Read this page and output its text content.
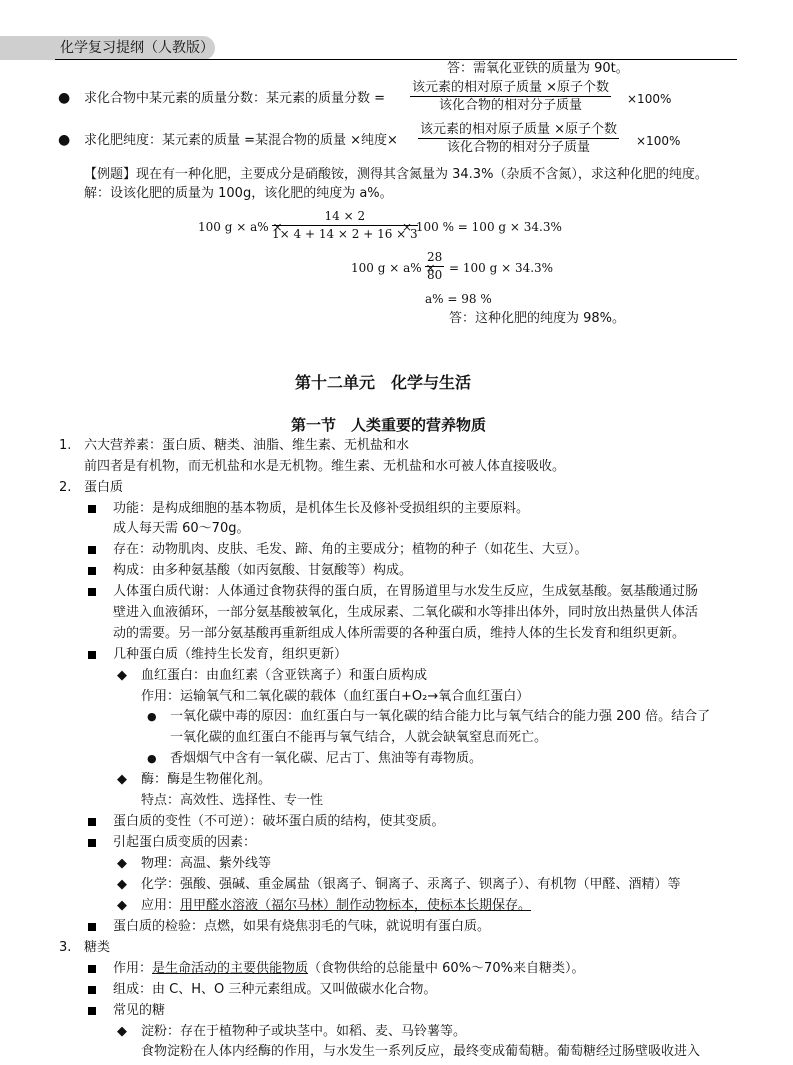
化学复习提纲（人教版）
答：需氧化亚铁的质量为 90t。
● 求化合物中某元素的质量分数：某元素的质量分数 =
该元素的相对原子质量 ×原子个数
该化合物的相对分子质量	×100%
● 求化肥纯度：某元素的质量 =某混合物的质量 ×纯度×
该元素的相对原子质量 ×原子个数
该化合物的相对分子质量	×100%
【例题】现在有一种化肥，主要成分是硝酸铵，测得其含氮量为 34.3%（杂质不含氮），求这种化肥的纯度。
解：设该化肥的质量为 100g，该化肥的纯度为 a%。
100 g × a% ×
$\frac{14 \times 2}{1\times 4 + 14 \times 2 + 16 \times 3}$
× 100 % = 100 g × 34.3%
100 g × a% ×
$\frac{28}{80} = 100$ g × 34.3%
a% = 98 %
答：这种化肥的纯度为 98%。
第十二单元　化学与生活
第一节　人类重要的营养物质
1. 六大营养素：蛋白质、糖类、油脂、维生素、无机盐和水
前四者是有机物，而无机盐和水是无机物。维生素、无机盐和水可被人体直接吸收。
2. 蛋白质
功能：是构成细胞的基本物质，是机体生长及修补受损组织的主要原料。
成人每天需 60～70g。
存在：动物肌肉、皮肤、毛发、蹄、角的主要成分；植物的种子（如花生、大豆）。
构成：由多种氨基酸（如丙氨酸、甘氨酸等）构成。
人体蛋白质代谢：人体通过食物获得的蛋白质，在胃肠道里与水发生反应，生成氨基酸。氨基酸通过肠
壁进入血液循环，一部分氨基酸被氧化，生成尿素、二氧化碳和水等排出体外，同时放出热量供人体活
动的需要。另一部分氨基酸再重新组成人体所需要的各种蛋白质，维持人体的生长发育和组织更新。
几种蛋白质（维持生长发育，组织更新）
◆ 血红蛋白：由血红素（含亚铁离子）和蛋白质构成
作用：运输氧气和二氧化碳的载体（血红蛋白+O₂→氧合血红蛋白）
● 一氧化碳中毒的原因：血红蛋白与一氧化碳的结合能力比与氧气结合的能力强 200 倍。结合了
一氧化碳的血红蛋白不能再与氧气结合，人就会缺氧窒息而死亡。
● 香烟烟气中含有一氧化碳、尼古丁、焦油等有毒物质。
◆ 酶：酶是生物催化剂。
特点：高效性、选择性、专一性
蛋白质的变性（不可逆）：破坏蛋白质的结构，使其变质。
引起蛋白质变质的因素：
◆ 物理：高温、紫外线等
◆ 化学：强酸、强碱、重金属盐（银离子、铜离子、汞离子、钡离子）、有机物（甲醛、酒精）等
◆ 应用：用甲醛水溶液（福尔马林）制作动物标本，使标本长期保存。
蛋白质的检验：点燃，如果有烧焦羽毛的气味，就说明有蛋白质。
3. 糖类
作用：是生命活动的主要供能物质（食物供给的总能量中 60%～70%来自糖类）。
组成：由 C、H、O 三种元素组成。又叫做碳水化合物。
常见的糖
◆ 淀粉：存在于植物种子或块茎中。如稻、麦、马铃薯等。
食物淀粉在人体内经酶的作用，与水发生一系列反应，最终变成葡萄糖。葡萄糖经过肠壁吸收进入
